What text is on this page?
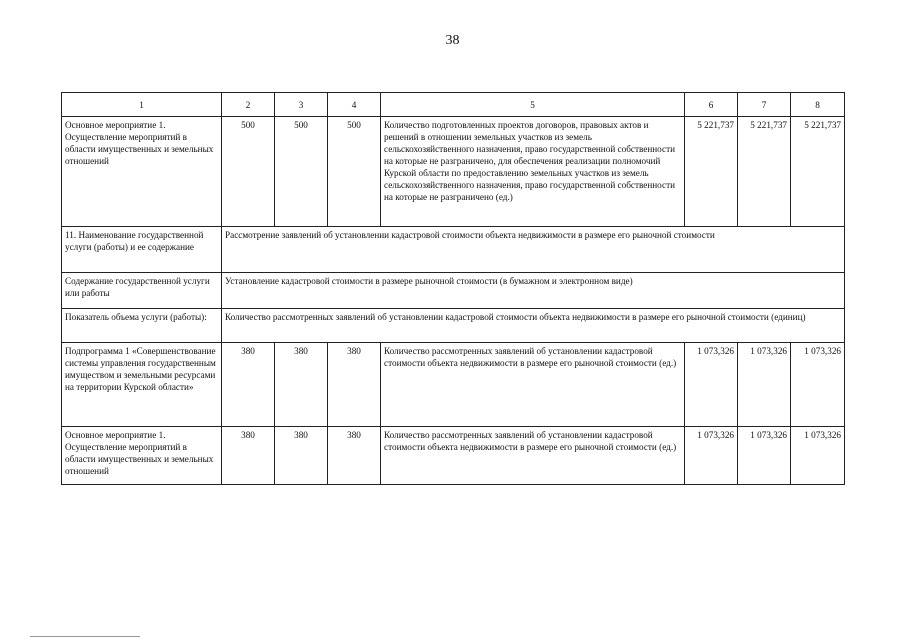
38
1	2	3	4	5	6	7	8
Основное мероприятие 1. Осуществление мероприятий в области имущественных и земельных отношений	500	500	500	Количество подготовленных проектов договоров, правовых актов и решений в отношении земельных участков из земель сельскохозяйственного назначения, право государственной собственности на которые не разграничено, для обеспечения реализации полномочий Курской области по предоставлению земельных участков из земель сельскохозяйственного назначения, право государственной собственности на которые не разграничено (ед.)	5 221,737	5 221,737	5 221,737
11. Наименование государственной услуги (работы) и ее содержание	Рассмотрение заявлений об установлении кадастровой стоимости объекта недвижимости в размере его рыночной стоимости						
Содержание государственной услуги или работы	Установление кадастровой стоимости в размере рыночной стоимости (в бумажном и электронном виде)						
Показатель объема услуги (работы):	Количество рассмотренных заявлений об установлении кадастровой стоимости объекта недвижимости в размере его рыночной стоимости (единиц)						
Подпрограмма 1 «Совершенствование системы управления государственным имуществом и земельными ресурсами на территории Курской области»	380	380	380	Количество рассмотренных заявлений об установлении кадастровой стоимости объекта недвижимости в размере его рыночной стоимости (ед.)	1 073,326	1 073,326	1 073,326
Основное мероприятие 1. Осуществление мероприятий в области имущественных и земельных отношений	380	380	380	Количество рассмотренных заявлений об установлении кадастровой стоимости объекта недвижимости в размере его рыночной стоимости (ед.)	1 073,326	1 073,326	1 073,326
